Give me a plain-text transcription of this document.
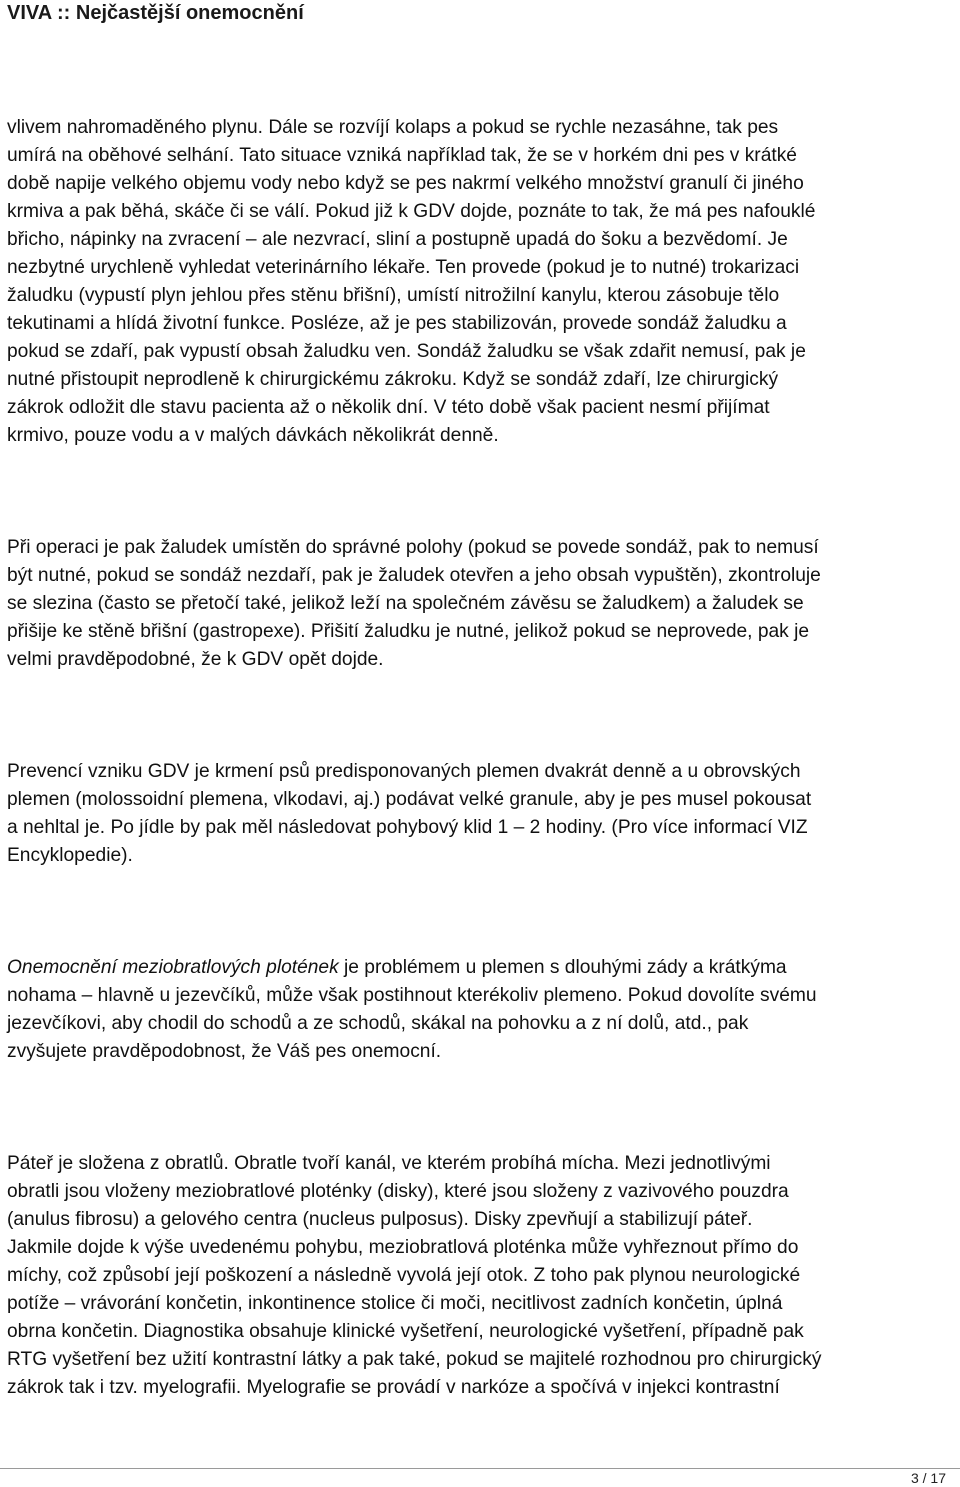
VIVA :: Nejčastější onemocnění
vlivem nahromaděného plynu. Dále se rozvíjí kolaps a pokud se rychle nezasáhne, tak pes
umírá na oběhové selhání. Tato situace vzniká například tak, že se v horkém dni pes v krátké
době napije velkého objemu vody nebo když se pes nakrmí velkého množství granulí či jiného
krmiva a pak běhá, skáče či se válí. Pokud již k GDV dojde, poznáte to tak, že má pes nafouklé
břicho, nápinky na zvracení – ale nezvrací, sliní a postupně upadá do šoku a bezvědomí. Je
nezbytné urychleně vyhledat veterinárního lékaře. Ten provede (pokud je to nutné) trokarizaci
žaludku (vypustí plyn jehlou přes stěnu břišní), umístí nitrožilní kanylu, kterou zásobuje tělo
tekutinami a hlídá životní funkce. Posléze, až je pes stabilizován, provede sondáž žaludku a
pokud se zdaří, pak vypustí obsah žaludku ven. Sondáž žaludku se však zdařit nemusí, pak je
nutné přistoupit neprodleně k chirurgickému zákroku. Když se sondáž zdaří, lze chirurgický
zákrok odložit dle stavu pacienta až o několik dní. V této době však pacient nesmí přijímat
krmivo, pouze vodu a v malých dávkách několikrát denně.
Při operaci je pak žaludek umístěn do správné polohy (pokud se povede sondáž, pak to nemusí
být nutné, pokud se sondáž nezdaří, pak je žaludek otevřen a jeho obsah vypuštěn), zkontroluje
se slezina (často se přetočí také, jelikož leží na společném závěsu se žaludkem) a žaludek se
přišije ke stěně břišní (gastropexe). Přišití žaludku je nutné, jelikož pokud se neprovede, pak je
velmi pravděpodobné, že k GDV opět dojde.
Prevencí vzniku GDV je krmení psů predisponovaných plemen dvakrát denně a u obrovských
plemen (molossoidní plemena, vlkodavi, aj.) podávat velké granule, aby je pes musel pokousat
a nehltal je. Po jídle by pak měl následovat pohybový klid 1 – 2 hodiny. (Pro více informací VIZ
Encyklopedie).
Onemocnění meziobratlových plotének je problémem u plemen s dlouhými zády a krátkýma
nohama – hlavně u jezevčíků, může však postihnout kterékoliv plemeno. Pokud dovolíte svému
jezevčíkovi, aby chodil do schodů a ze schodů, skákal na pohovku a z ní dolů, atd., pak
zvyšujete pravděpodobnost, že Váš pes onemocní.
Páteř je složena z obratlů. Obratle tvoří kanál, ve kterém probíhá mícha. Mezi jednotlivými
obratli jsou vloženy meziobratlové ploténky (disky), které jsou složeny z vazivového pouzdra
(anulus fibrosu) a gelového centra (nucleus pulposus). Disky zpevňují a stabilizují páteř.
Jakmile dojde k výše uvedenému pohybu, meziobratlová ploténka může vyhřeznout přímo do
míchy, což způsobí její poškození a následně vyvolá její otok. Z toho pak plynou neurologické
potíže – vrávorání končetin, inkontinence stolice či moči, necitlivost zadních končetin, úplná
obrna končetin. Diagnostika obsahuje klinické vyšetření, neurologické vyšetření, případně pak
RTG vyšetření bez užití kontrastní látky a pak také, pokud se majitelé rozhodnou pro chirurgický
zákrok tak i tzv. myelografii. Myelografie se provádí v narkóze a spočívá v injekci kontrastní
3 / 17
